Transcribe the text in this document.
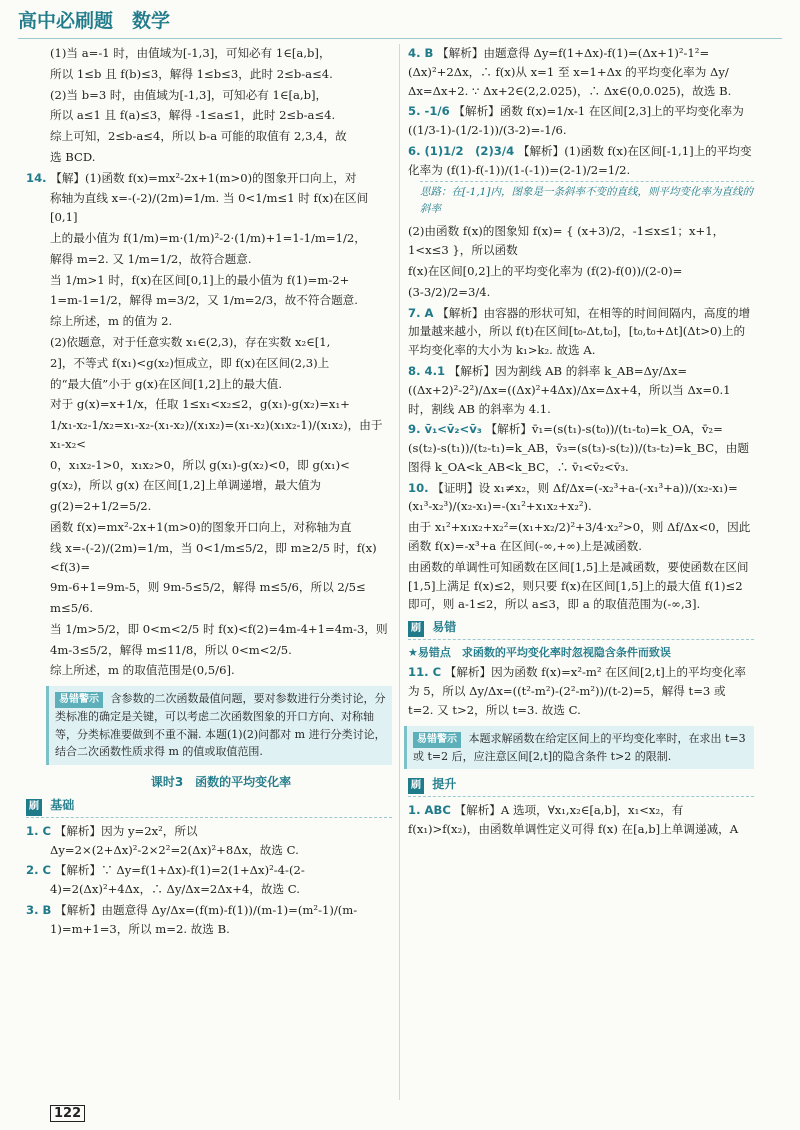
高中必刷题　数学

(1)当 a=-1 时，由值域为[-1,3]，可知必有 1∈[a,b]，

所以 1≤b 且 f(b)≤3，解得 1≤b≤3，此时 2≤b-a≤4.

(2)当 b=3 时，由值域为[-1,3]，可知必有 1∈[a,b]，

所以 a≤1 且 f(a)≤3，解得 -1≤a≤1，此时 2≤b-a≤4.

综上可知，2≤b-a≤4，所以 b-a 可能的取值有 2,3,4，故

选 BCD.

14. 【解】(1)函数 f(x)=mx²-2x+1(m>0)的图象开口向上，对

称轴为直线 x=-(-2)/(2m)=1/m. 当 0<1/m≤1 时 f(x)在区间[0,1]

上的最小值为 f(1/m)=m·(1/m)²-2·(1/m)+1=1-1/m=1/2，

解得 m=2. 又 1/m=1/2，故符合题意.

当 1/m>1 时，f(x)在区间[0,1]上的最小值为 f(1)=m-2+

1=m-1=1/2，解得 m=3/2，又 1/m=2/3，故不符合题意.

综上所述，m 的值为 2.

(2)依题意，对于任意实数 x₁∈(2,3)，存在实数 x₂∈[1,

2]，不等式 f(x₁)<g(x₂)恒成立，即 f(x)在区间(2,3)上

的“最大值”小于 g(x)在区间[1,2]上的最大值.

对于 g(x)=x+1/x，任取 1≤x₁<x₂≤2，g(x₁)-g(x₂)=x₁+

1/x₁-x₂-1/x₂=x₁-x₂-(x₁-x₂)/(x₁x₂)=(x₁-x₂)(x₁x₂-1)/(x₁x₂)，由于 x₁-x₂<

0，x₁x₂-1>0，x₁x₂>0，所以 g(x₁)-g(x₂)<0，即 g(x₁)<

g(x₂)，所以 g(x) 在区间[1,2]上单调递增，最大值为

g(2)=2+1/2=5/2.

函数 f(x)=mx²-2x+1(m>0)的图象开口向上，对称轴为直

线 x=-(-2)/(2m)=1/m，当 0<1/m≤5/2，即 m≥2/5 时，f(x)<f(3)=

9m-6+1=9m-5，则 9m-5≤5/2，解得 m≤5/6，所以 2/5≤

m≤5/6.

当 1/m>5/2，即 0<m<2/5 时 f(x)<f(2)=4m-4+1=4m-3，则

4m-3≤5/2，解得 m≤11/8，所以 0<m<2/5.

综上所述，m 的取值范围是(0,5/6].

易错警示 含参数的二次函数最值问题，要对参数进行分类讨论，分类标准的确定是关键，可以考虑二次函数图象的开口方向、对称轴等，分类标准要做到不重不漏. 本题(1)(2)问都对 m 进行分类讨论，结合二次函数性质求得 m 的值或取值范围.
课时3　函数的平均变化率
刷 基础

1. C 【解析】因为 y=2x²，所以 Δy=2×(2+Δx)²-2×2²=2(Δx)²+8Δx，故选 C.

2. C 【解析】∵ Δy=f(1+Δx)-f(1)=2(1+Δx)²-4-(2-4)=2(Δx)²+4Δx，∴ Δy/Δx=2Δx+4，故选 C.

3. B 【解析】由题意得 Δy/Δx=(f(m)-f(1))/(m-1)=(m²-1)/(m-1)=m+1=3，所以 m=2. 故选 B.

4. B 【解析】由题意得 Δy=f(1+Δx)-f(1)=(Δx+1)²-1²=(Δx)²+2Δx，∴ f(x)从 x=1 至 x=1+Δx 的平均变化率为 Δy/Δx=Δx+2. ∵ Δx+2∈(2,2.025)，∴ Δx∈(0,0.025)，故选 B.

5. -1/6 【解析】函数 f(x)=1/x-1 在区间[2,3]上的平均变化率为 ((1/3-1)-(1/2-1))/(3-2)=-1/6.

6. (1)1/2　(2)3/4 【解析】(1)函数 f(x)在区间[-1,1]上的平均变化率为 (f(1)-f(-1))/(1-(-1))=(2-1)/2=1/2.

思路：在[-1,1]内，图象是一条斜率不变的直线，则平均变化率为直线的斜率

(2)由函数 f(x)的图象知 f(x)= { (x+3)/2，-1≤x≤1；x+1，1<x≤3 }，所以函数

f(x)在区间[0,2]上的平均变化率为 (f(2)-f(0))/(2-0)=

(3-3/2)/2=3/4.

7. A 【解析】由容器的形状可知，在相等的时间间隔内，高度的增加量越来越小，所以 f(t)在区间[t₀-Δt,t₀]，[t₀,t₀+Δt](Δt>0)上的平均变化率的大小为 k₁>k₂. 故选 A.

8. 4.1 【解析】因为割线 AB 的斜率 k_AB=Δy/Δx=((Δx+2)²-2²)/Δx=((Δx)²+4Δx)/Δx=Δx+4，所以当 Δx=0.1 时，割线 AB 的斜率为 4.1.

9. v̄₁<v̄₂<v̄₃ 【解析】v̄₁=(s(t₁)-s(t₀))/(t₁-t₀)=k_OA，v̄₂=(s(t₂)-s(t₁))/(t₂-t₁)=k_AB，v̄₃=(s(t₃)-s(t₂))/(t₃-t₂)=k_BC，由题图得 k_OA<k_AB<k_BC，∴ v̄₁<v̄₂<v̄₃.

10. 【证明】设 x₁≠x₂，则 Δf/Δx=(-x₂³+a-(-x₁³+a))/(x₂-x₁)=(x₁³-x₂³)/(x₂-x₁)=-(x₁²+x₁x₂+x₂²).

由于 x₁²+x₁x₂+x₂²=(x₁+x₂/2)²+3/4·x₂²>0，则 Δf/Δx<0，因此函数 f(x)=-x³+a 在区间(-∞,+∞)上是减函数.

由函数的单调性可知函数在区间[1,5]上是减函数，要使函数在区间[1,5]上满足 f(x)≤2，则只要 f(x)在区间[1,5]上的最大值 f(1)≤2 即可，则 a-1≤2，所以 a≤3，即 a 的取值范围为(-∞,3].

刷 易错

★易错点　求函数的平均变化率时忽视隐含条件而致误

11. C 【解析】因为函数 f(x)=x²-m² 在区间[2,t]上的平均变化率为 5，所以 Δy/Δx=((t²-m²)-(2²-m²))/(t-2)=5，解得 t=3 或 t=2. 又 t>2，所以 t=3. 故选 C.

易错警示 本题求解函数在给定区间上的平均变化率时，在求出 t=3 或 t=2 后，应注意区间[2,t]的隐含条件 t>2 的限制.
刷 提升

1. ABC 【解析】A 选项，∀x₁,x₂∈[a,b]，x₁<x₂，有 f(x₁)>f(x₂)，由函数单调性定义可得 f(x) 在[a,b]上单调递减，A

122
